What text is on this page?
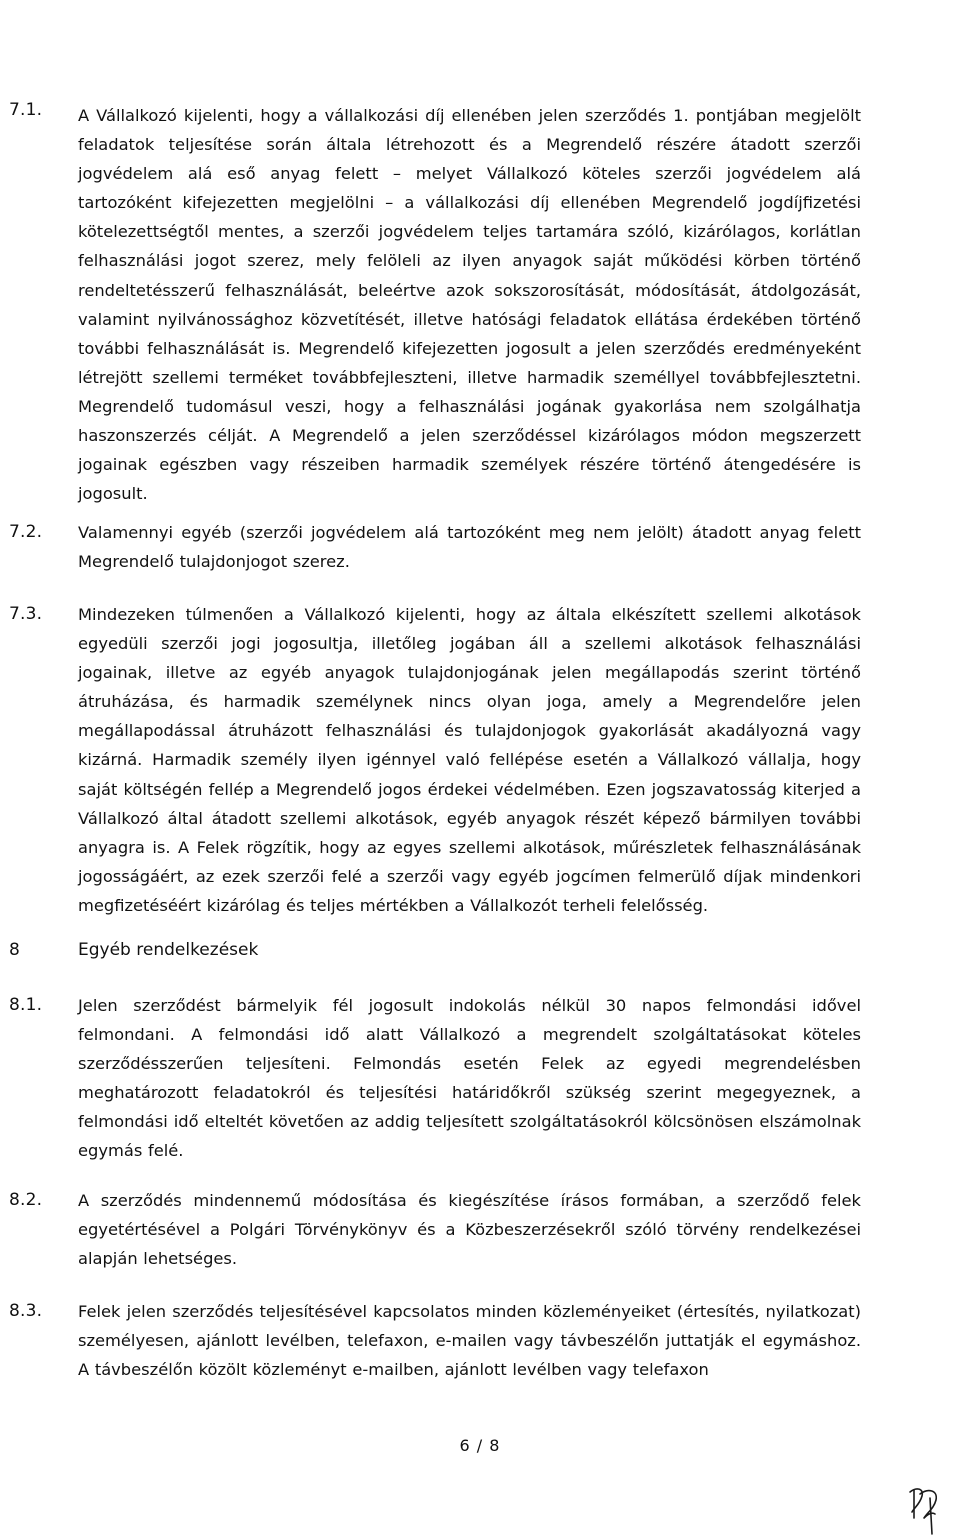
7.1. A Vállalkozó kijelenti, hogy a vállalkozási díj ellenében jelen szerződés 1. pontjában megjelölt feladatok teljesítése során általa létrehozott és a Megrendelő részére átadott szerzői jogvédelem alá eső anyag felett – melyet Vállalkozó köteles szerzői jogvédelem alá tartozóként kifejezetten megjelölni – a vállalkozási díj ellenében Megrendelő jogdíjfizetési kötelezettségtől mentes, a szerzői jogvédelem teljes tartamára szóló, kizárólagos, korlátlan felhasználási jogot szerez, mely felöleli az ilyen anyagok saját működési körben történő rendeltetésszerű felhasználását, beleértve azok sokszorosítását, módosítását, átdolgozását, valamint nyilvánossághoz közvetítését, illetve hatósági feladatok ellátása érdekében történő további felhasználását is. Megrendelő kifejezetten jogosult a jelen szerződés eredményeként létrejött szellemi terméket továbbfejleszteni, illetve harmadik személlyel továbbfejlesztetni. Megrendelő tudomásul veszi, hogy a felhasználási jogának gyakorlása nem szolgálhatja haszonszerzés célját. A Megrendelő a jelen szerződéssel kizárólagos módon megszerzett jogainak egészben vagy részeiben harmadik személyek részére történő átengedésére is jogosult.
7.2. Valamennyi egyéb (szerzői jogvédelem alá tartozóként meg nem jelölt) átadott anyag felett Megrendelő tulajdonjogot szerez.
7.3. Mindezeken túlmenően a Vállalkozó kijelenti, hogy az általa elkészített szellemi alkotások egyedüli szerzői jogi jogosultja, illetőleg jogában áll a szellemi alkotások felhasználási jogainak, illetve az egyéb anyagok tulajdonjogának jelen megállapodás szerint történő átruházása, és harmadik személynek nincs olyan joga, amely a Megrendelőre jelen megállapodással átruházott felhasználási és tulajdonjogok gyakorlását akadályozná vagy kizárná. Harmadik személy ilyen igénnyel való fellépése esetén a Vállalkozó vállalja, hogy saját költségén fellép a Megrendelő jogos érdekei védelmében. Ezen jogszavatosság kiterjed a Vállalkozó által átadott szellemi alkotások, egyéb anyagok részét képező bármilyen további anyagra is. A Felek rögzítik, hogy az egyes szellemi alkotások, műrészletek felhasználásának jogosságáért, az ezek szerzői felé a szerzői vagy egyéb jogcímen felmerülő díjak mindenkori megfizetéséért kizárólag és teljes mértékben a Vállalkozót terheli felelősség.
8	Egyéb rendelkezések
8.1. Jelen szerződést bármelyik fél jogosult indokolás nélkül 30 napos felmondási idővel felmondani. A felmondási idő alatt Vállalkozó a megrendelt szolgáltatásokat köteles szerződésszerűen teljesíteni. Felmondás esetén Felek az egyedi megrendelésben meghatározott feladatokról és teljesítési határidőkről szükség szerint megegyeznek, a felmondási idő elteltét követően az addig teljesített szolgáltatásokról kölcsönösen elszámolnak egymás felé.
8.2. A szerződés mindennemű módosítása és kiegészítése írásos formában, a szerződő felek egyetértésével a Polgári Törvénykönyv és a Közbeszerzésekről szóló törvény rendelkezései alapján lehetséges.
8.3. Felek jelen szerződés teljesítésével kapcsolatos minden közleményeiket (értesítés, nyilatkozat) személyesen, ajánlott levélben, telefaxon, e-mailen vagy távbeszélőn juttatják el egymáshoz. A távbeszélőn közölt közleményt e-mailben, ajánlott levélben vagy telefaxon
6 / 8
